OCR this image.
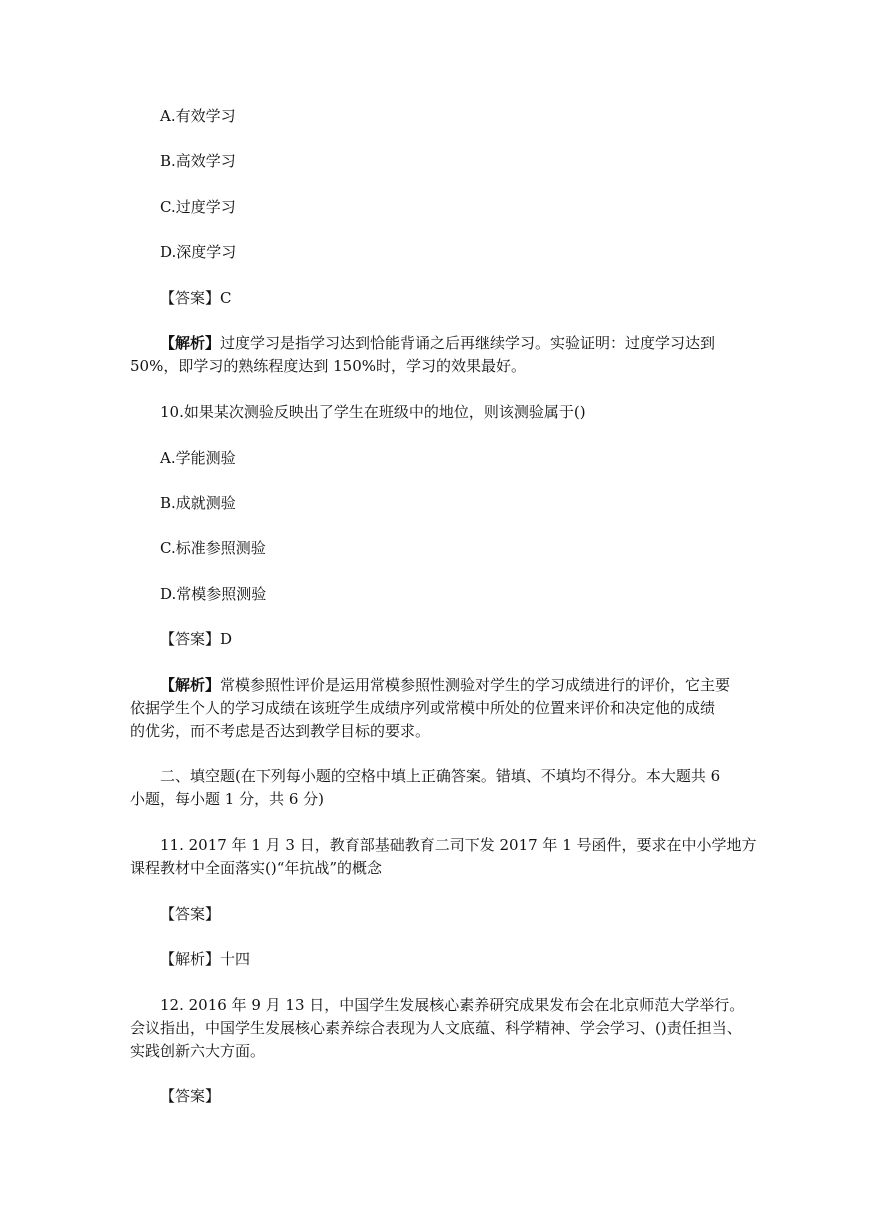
A.有效学习

B.高效学习

C.过度学习

D.深度学习

【答案】C

【解析】过度学习是指学习达到恰能背诵之后再继续学习。实验证明：过度学习达到

50%，即学习的熟练程度达到 150%时，学习的效果最好。

10.如果某次测验反映出了学生在班级中的地位，则该测验属于()

A.学能测验

B.成就测验

C.标准参照测验

D.常模参照测验

【答案】D

【解析】常模参照性评价是运用常模参照性测验对学生的学习成绩进行的评价，它主要

依据学生个人的学习成绩在该班学生成绩序列或常模中所处的位置来评价和决定他的成绩

的优劣，而不考虑是否达到教学目标的要求。

二、填空题(在下列每小题的空格中填上正确答案。错填、不填均不得分。本大题共 6

小题，每小题 1 分，共 6 分)

11. 2017 年 1 月 3 日，教育部基础教育二司下发 2017 年 1 号函件，要求在中小学地方

课程教材中全面落实()“年抗战”的概念

【答案】

【解析】十四

12. 2016 年 9 月 13 日，中国学生发展核心素养研究成果发布会在北京师范大学举行。

会议指出，中国学生发展核心素养综合表现为人文底蕴、科学精神、学会学习、()责任担当、

实践创新六大方面。

【答案】
